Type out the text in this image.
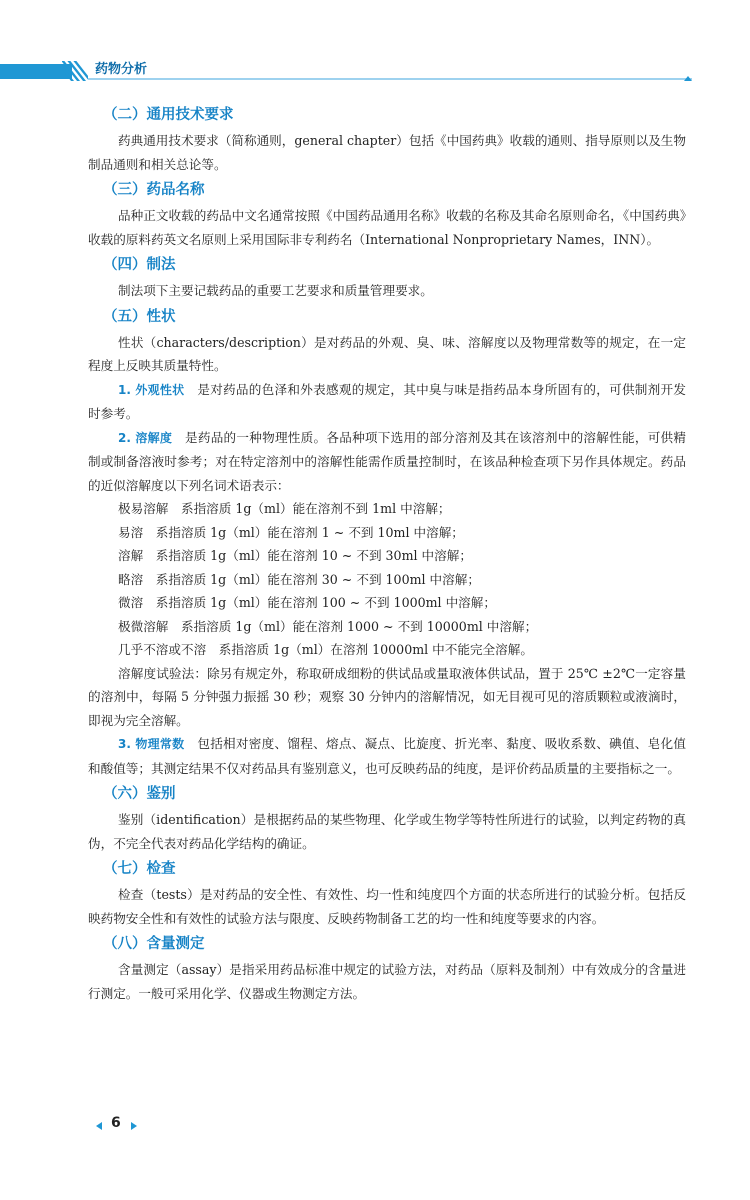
药物分析
（二）通用技术要求
药典通用技术要求（简称通则，general chapter）包括《中国药典》收载的通则、指导原则以及生物制品通则和相关总论等。
（三）药品名称
品种正文收载的药品中文名通常按照《中国药品通用名称》收载的名称及其命名原则命名，《中国药典》收载的原料药英文名原则上采用国际非专利药名（International Nonproprietary Names，INN）。
（四）制法
制法项下主要记载药品的重要工艺要求和质量管理要求。
（五）性状
性状（characters/description）是对药品的外观、臭、味、溶解度以及物理常数等的规定，在一定程度上反映其质量特性。
1. 外观性状　 是对药品的色泽和外表感观的规定，其中臭与味是指药品本身所固有的，可供制剂开发时参考。
2. 溶解度　 是药品的一种物理性质。各品种项下选用的部分溶剂及其在该溶剂中的溶解性能，可供精制或制备溶液时参考；对在特定溶剂中的溶解性能需作质量控制时，在该品种检查项下另作具体规定。药品的近似溶解度以下列名词术语表示：
极易溶解　系指溶质 1g（ml）能在溶剂不到 1ml 中溶解；
易溶　系指溶质 1g（ml）能在溶剂 1 ~ 不到 10ml 中溶解；
溶解　系指溶质 1g（ml）能在溶剂 10 ~ 不到 30ml 中溶解；
略溶　系指溶质 1g（ml）能在溶剂 30 ~ 不到 100ml 中溶解；
微溶　系指溶质 1g（ml）能在溶剂 100 ~ 不到 1000ml 中溶解；
极微溶解　系指溶质 1g（ml）能在溶剂 1000 ~ 不到 10000ml 中溶解；
几乎不溶或不溶　系指溶质 1g（ml）在溶剂 10000ml 中不能完全溶解。
溶解度试验法：除另有规定外，称取研成细粉的供试品或量取液体供试品，置于 25℃ ±2℃一定容量的溶剂中，每隔 5 分钟强力振摇 30 秒；观察 30 分钟内的溶解情况，如无目视可见的溶质颗粒或液滴时，即视为完全溶解。
3. 物理常数　 包括相对密度、馏程、熔点、凝点、比旋度、折光率、黏度、吸收系数、碘值、皂化值和酸值等；其测定结果不仅对药品具有鉴别意义，也可反映药品的纯度，是评价药品质量的主要指标之一。
（六）鉴别
鉴别（identification）是根据药品的某些物理、化学或生物学等特性所进行的试验，以判定药物的真伪，不完全代表对药品化学结构的确证。
（七）检查
检查（tests）是对药品的安全性、有效性、均一性和纯度四个方面的状态所进行的试验分析。包括反映药物安全性和有效性的试验方法与限度、反映药物制备工艺的均一性和纯度等要求的内容。
（八）含量测定
含量测定（assay）是指采用药品标准中规定的试验方法，对药品（原料及制剂）中有效成分的含量进行测定。一般可采用化学、仪器或生物测定方法。
6
